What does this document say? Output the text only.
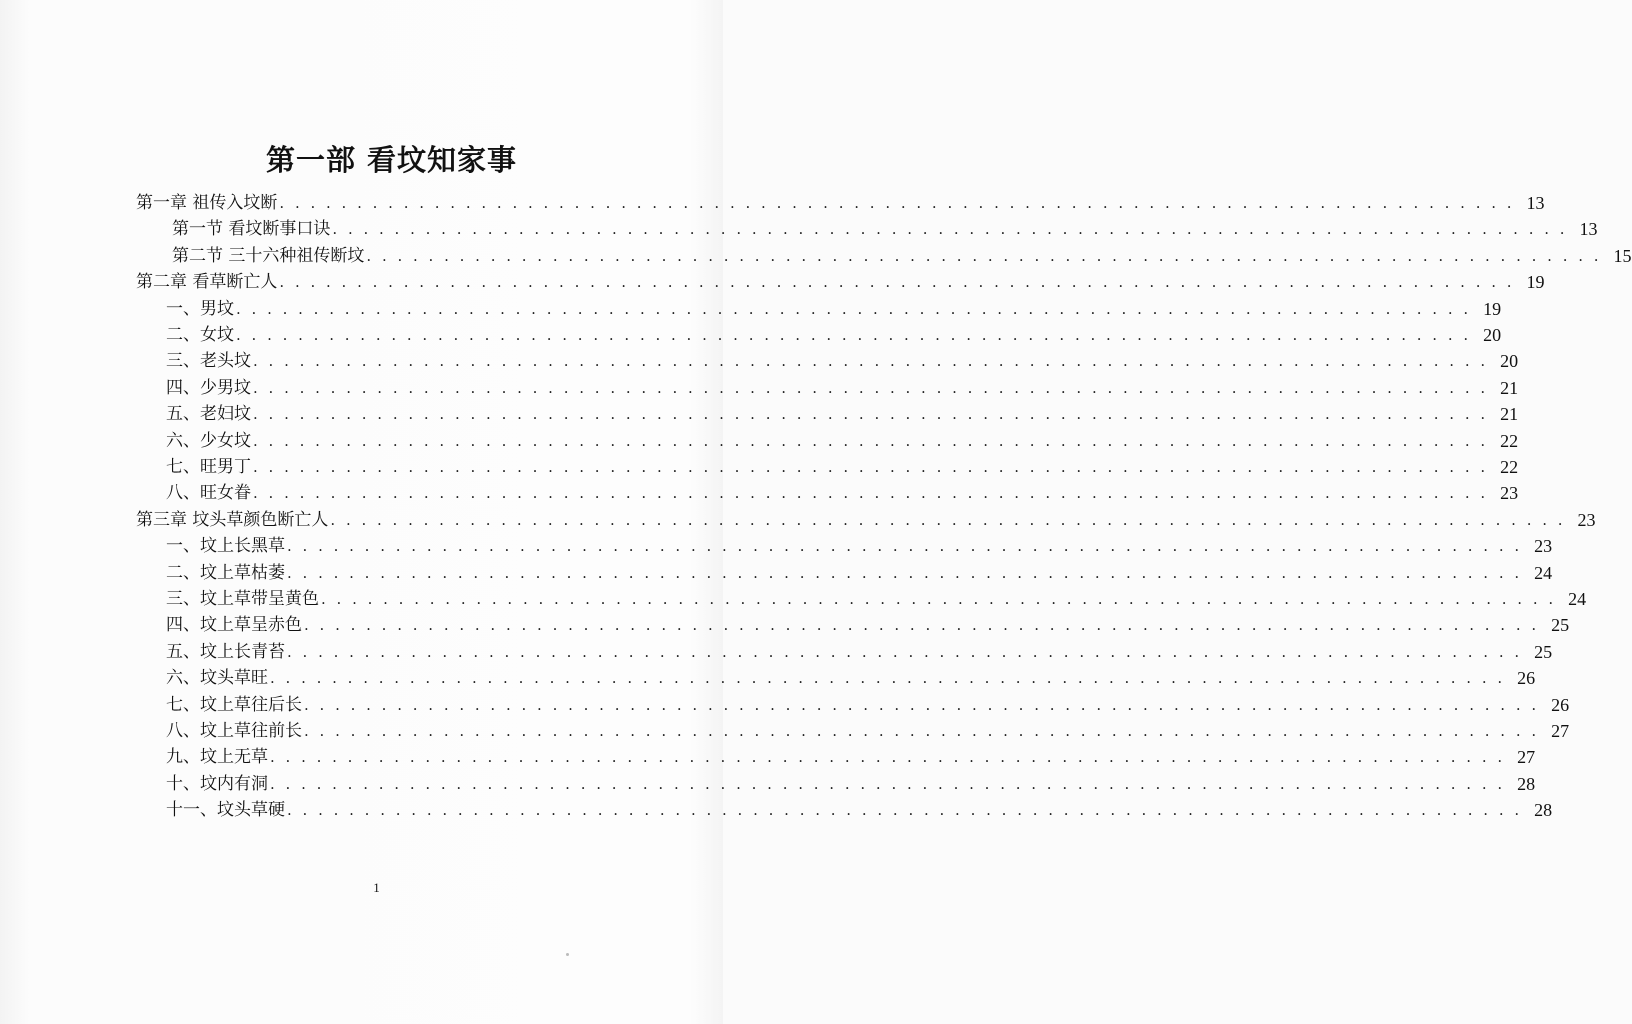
第一部 看坟知家事
第一章 祖传入坟断 . . . . . . . . . . . . . . . . . . . . . . . . . . . . . . . . . . . . . . . . . . . . . . . . . . . . . . . . . . . . . . . . . . . . . . . . . . . . . . . . 13
第一节 看坟断事口诀 . . . . . . . . . . . . . . . . . . . . . . . . . . . . . . . . . . . . . . . . . . . . . . . . . . . . . . . . . . . . . . . . . . . . . . . . . . . . . . . . 13
第二节 三十六种祖传断坟 . . . . . . . . . . . . . . . . . . . . . . . . . . . . . . . . . . . . . . . . . . . . . . . . . . . . . . . . . . . . . . . . . . . . . . . . . . . . . . . . 15
第二章 看草断亡人 . . . . . . . . . . . . . . . . . . . . . . . . . . . . . . . . . . . . . . . . . . . . . . . . . . . . . . . . . . . . . . . . . . . . . . . . . . . . . . . . 19
一、男坟 . . . . . . . . . . . . . . . . . . . . . . . . . . . . . . . . . . . . . . . . . . . . . . . . . . . . . . . . . . . . . . . . . . . . . . . . . . . . . . . . 19
二、女坟 . . . . . . . . . . . . . . . . . . . . . . . . . . . . . . . . . . . . . . . . . . . . . . . . . . . . . . . . . . . . . . . . . . . . . . . . . . . . . . . . 20
三、老头坟 . . . . . . . . . . . . . . . . . . . . . . . . . . . . . . . . . . . . . . . . . . . . . . . . . . . . . . . . . . . . . . . . . . . . . . . . . . . . . . . . 20
四、少男坟 . . . . . . . . . . . . . . . . . . . . . . . . . . . . . . . . . . . . . . . . . . . . . . . . . . . . . . . . . . . . . . . . . . . . . . . . . . . . . . . . 21
五、老妇坟 . . . . . . . . . . . . . . . . . . . . . . . . . . . . . . . . . . . . . . . . . . . . . . . . . . . . . . . . . . . . . . . . . . . . . . . . . . . . . . . . 21
六、少女坟 . . . . . . . . . . . . . . . . . . . . . . . . . . . . . . . . . . . . . . . . . . . . . . . . . . . . . . . . . . . . . . . . . . . . . . . . . . . . . . . . 22
七、旺男丁 . . . . . . . . . . . . . . . . . . . . . . . . . . . . . . . . . . . . . . . . . . . . . . . . . . . . . . . . . . . . . . . . . . . . . . . . . . . . . . . . 22
八、旺女眷 . . . . . . . . . . . . . . . . . . . . . . . . . . . . . . . . . . . . . . . . . . . . . . . . . . . . . . . . . . . . . . . . . . . . . . . . . . . . . . . . 23
第三章 坟头草颜色断亡人 . . . . . . . . . . . . . . . . . . . . . . . . . . . . . . . . . . . . . . . . . . . . . . . . . . . . . . . . . . . . . . . . . . . . . . . . . . . . . . . . 23
一、坟上长黑草 . . . . . . . . . . . . . . . . . . . . . . . . . . . . . . . . . . . . . . . . . . . . . . . . . . . . . . . . . . . . . . . . . . . . . . . . . . . . . . . . 23
二、坟上草枯萎 . . . . . . . . . . . . . . . . . . . . . . . . . . . . . . . . . . . . . . . . . . . . . . . . . . . . . . . . . . . . . . . . . . . . . . . . . . . . . . . . 24
三、坟上草带呈黄色 . . . . . . . . . . . . . . . . . . . . . . . . . . . . . . . . . . . . . . . . . . . . . . . . . . . . . . . . . . . . . . . . . . . . . . . . . . . . . . . . 24
四、坟上草呈赤色 . . . . . . . . . . . . . . . . . . . . . . . . . . . . . . . . . . . . . . . . . . . . . . . . . . . . . . . . . . . . . . . . . . . . . . . . . . . . . . . . 25
五、坟上长青苔 . . . . . . . . . . . . . . . . . . . . . . . . . . . . . . . . . . . . . . . . . . . . . . . . . . . . . . . . . . . . . . . . . . . . . . . . . . . . . . . . 25
六、坟头草旺 . . . . . . . . . . . . . . . . . . . . . . . . . . . . . . . . . . . . . . . . . . . . . . . . . . . . . . . . . . . . . . . . . . . . . . . . . . . . . . . . 26
七、坟上草往后长 . . . . . . . . . . . . . . . . . . . . . . . . . . . . . . . . . . . . . . . . . . . . . . . . . . . . . . . . . . . . . . . . . . . . . . . . . . . . . . . . 26
八、坟上草往前长 . . . . . . . . . . . . . . . . . . . . . . . . . . . . . . . . . . . . . . . . . . . . . . . . . . . . . . . . . . . . . . . . . . . . . . . . . . . . . . . . 27
九、坟上无草 . . . . . . . . . . . . . . . . . . . . . . . . . . . . . . . . . . . . . . . . . . . . . . . . . . . . . . . . . . . . . . . . . . . . . . . . . . . . . . . . 27
十、坟内有洞 . . . . . . . . . . . . . . . . . . . . . . . . . . . . . . . . . . . . . . . . . . . . . . . . . . . . . . . . . . . . . . . . . . . . . . . . . . . . . . . . 28
十一、坟头草硬 . . . . . . . . . . . . . . . . . . . . . . . . . . . . . . . . . . . . . . . . . . . . . . . . . . . . . . . . . . . . . . . . . . . . . . . . . . . . . . . . 28
1
